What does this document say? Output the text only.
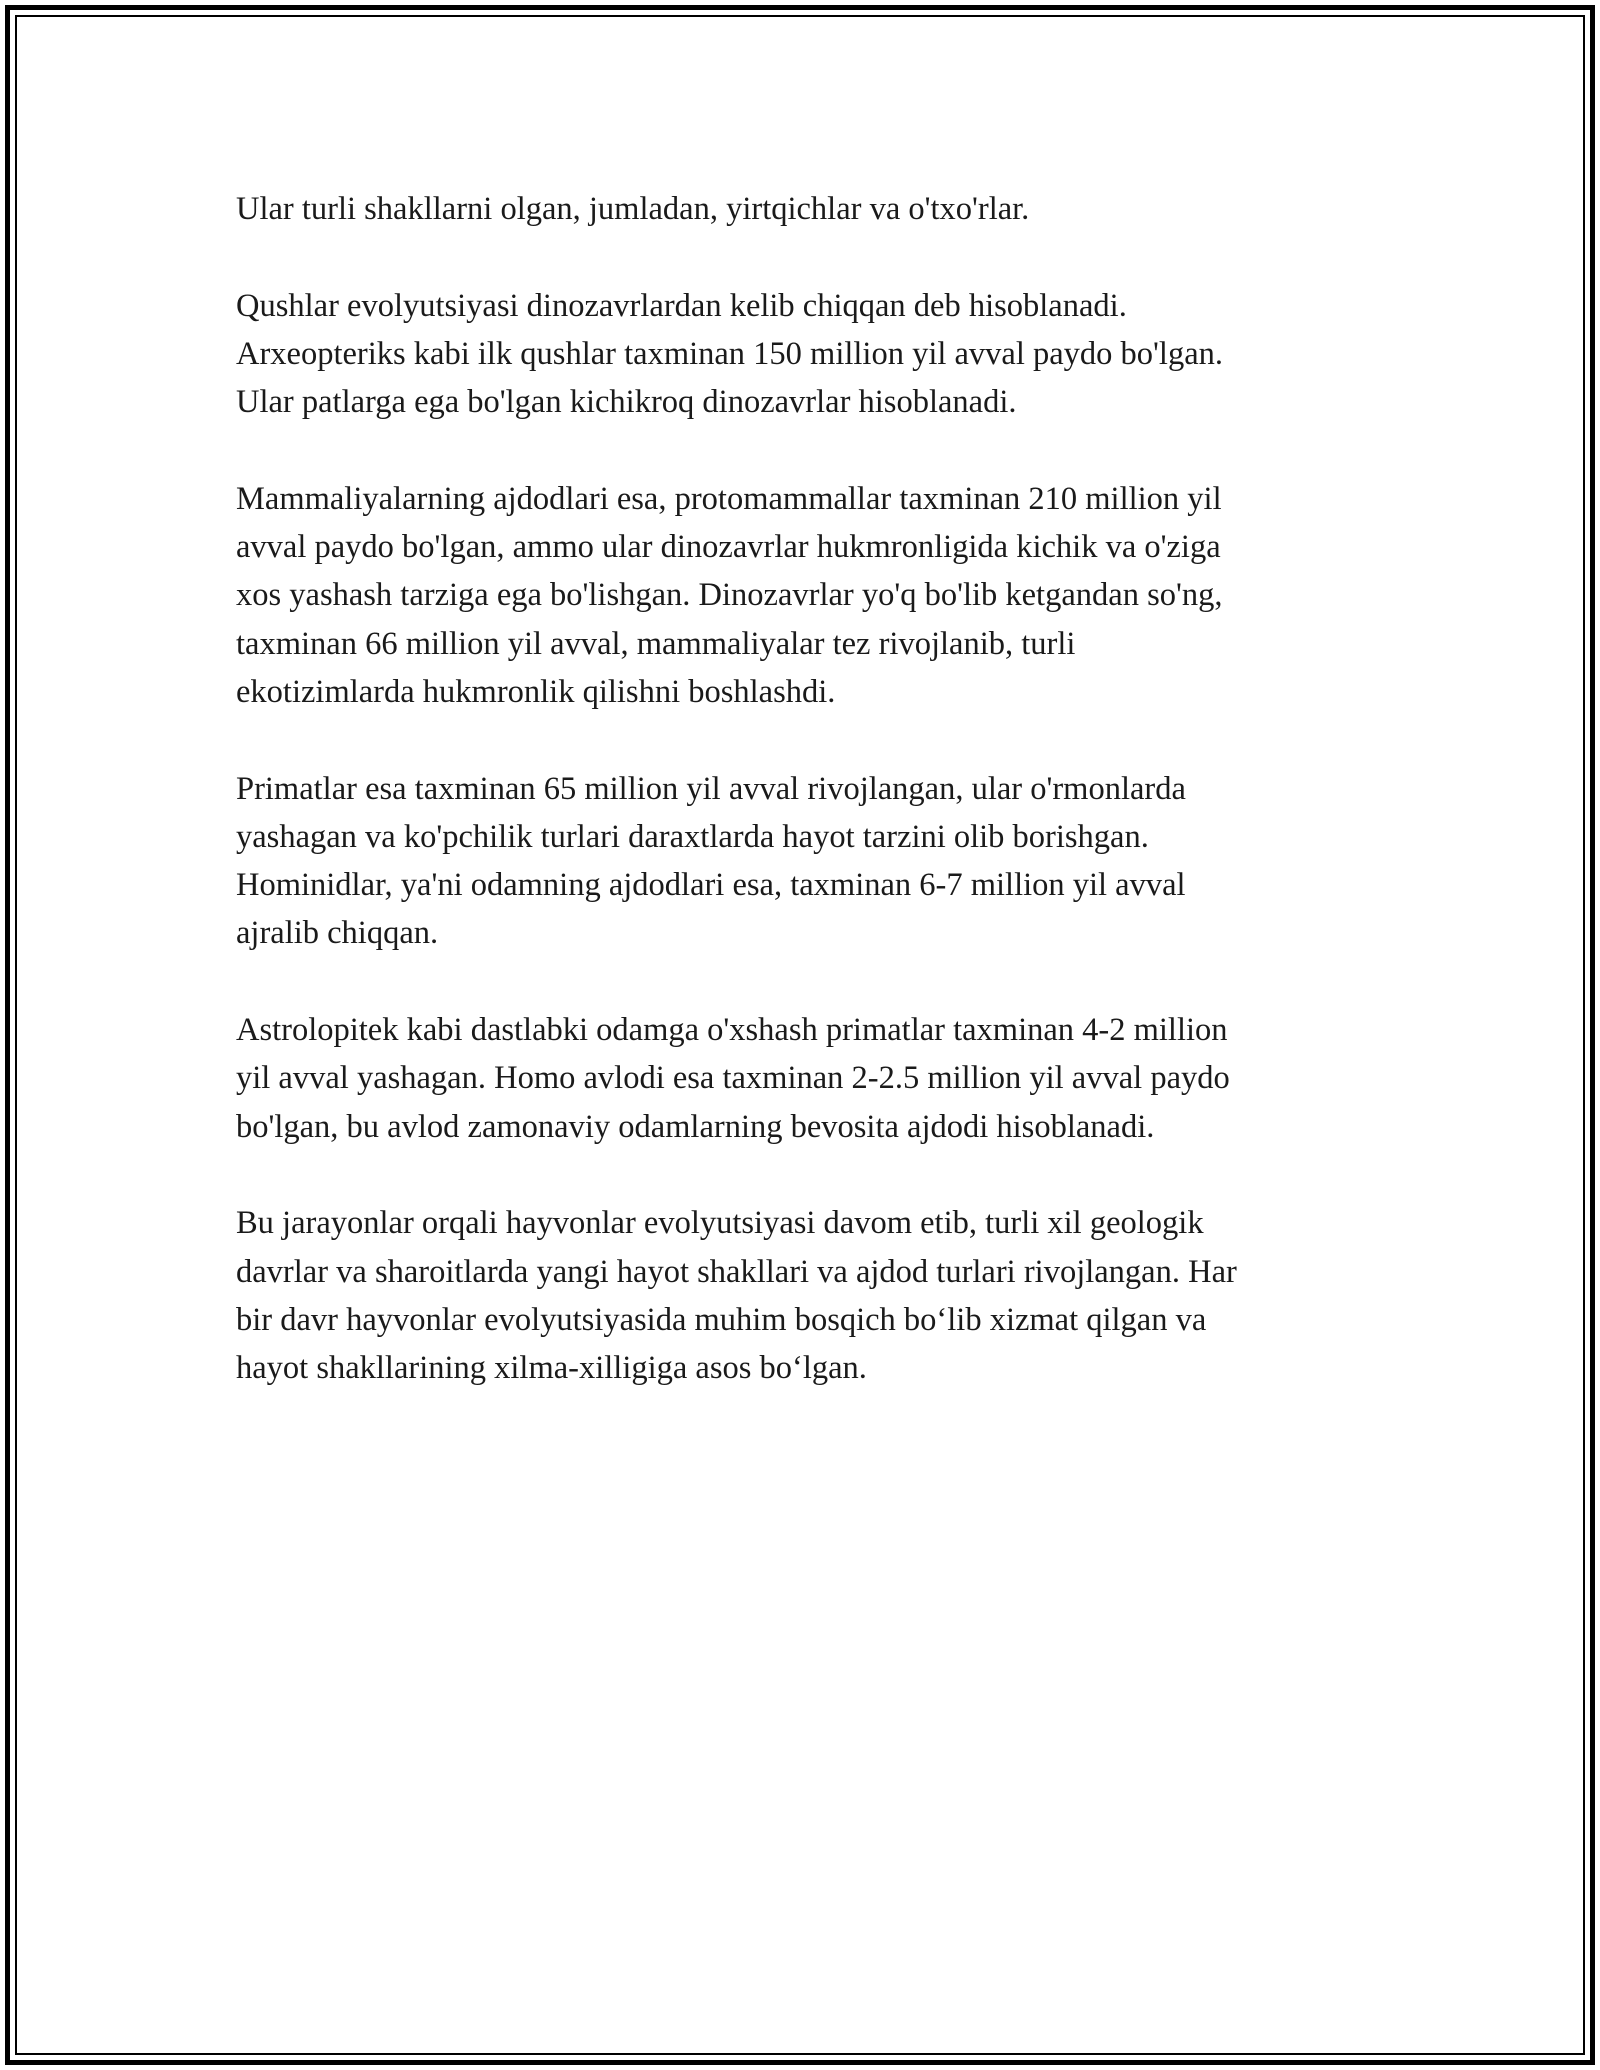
Ular turli shakllarni olgan, jumladan, yirtqichlar va o'txo'rlar.

Qushlar evolyutsiyasi dinozavrlardan kelib chiqqan deb hisoblanadi.
Arxeopteriks kabi ilk qushlar taxminan 150 million yil avval paydo bo'lgan.
Ular patlarga ega bo'lgan kichikroq dinozavrlar hisoblanadi.

Mammaliyalarning ajdodlari esa, protomammallar taxminan 210 million yil
avval paydo bo'lgan, ammo ular dinozavrlar hukmronligida kichik va o'ziga
xos yashash tarziga ega bo'lishgan. Dinozavrlar yo'q bo'lib ketgandan so'ng,
taxminan 66 million yil avval, mammaliyalar tez rivojlanib, turli
ekotizimlarda hukmronlik qilishni boshlashdi.

Primatlar esa taxminan 65 million yil avval rivojlangan, ular o'rmonlarda
yashagan va ko'pchilik turlari daraxtlarda hayot tarzini olib borishgan.
Hominidlar, ya'ni odamning ajdodlari esa, taxminan 6-7 million yil avval
ajralib chiqqan.

Astrolopitek kabi dastlabki odamga o'xshash primatlar taxminan 4-2 million
yil avval yashagan. Homo avlodi esa taxminan 2-2.5 million yil avval paydo
bo'lgan, bu avlod zamonaviy odamlarning bevosita ajdodi hisoblanadi.

Bu jarayonlar orqali hayvonlar evolyutsiyasi davom etib, turli xil geologik
davrlar va sharoitlarda yangi hayot shakllari va ajdod turlari rivojlangan. Har
bir davr hayvonlar evolyutsiyasida muhim bosqich bo‘lib xizmat qilgan va
hayot shakllarining xilma-xilligiga asos bo‘lgan.
